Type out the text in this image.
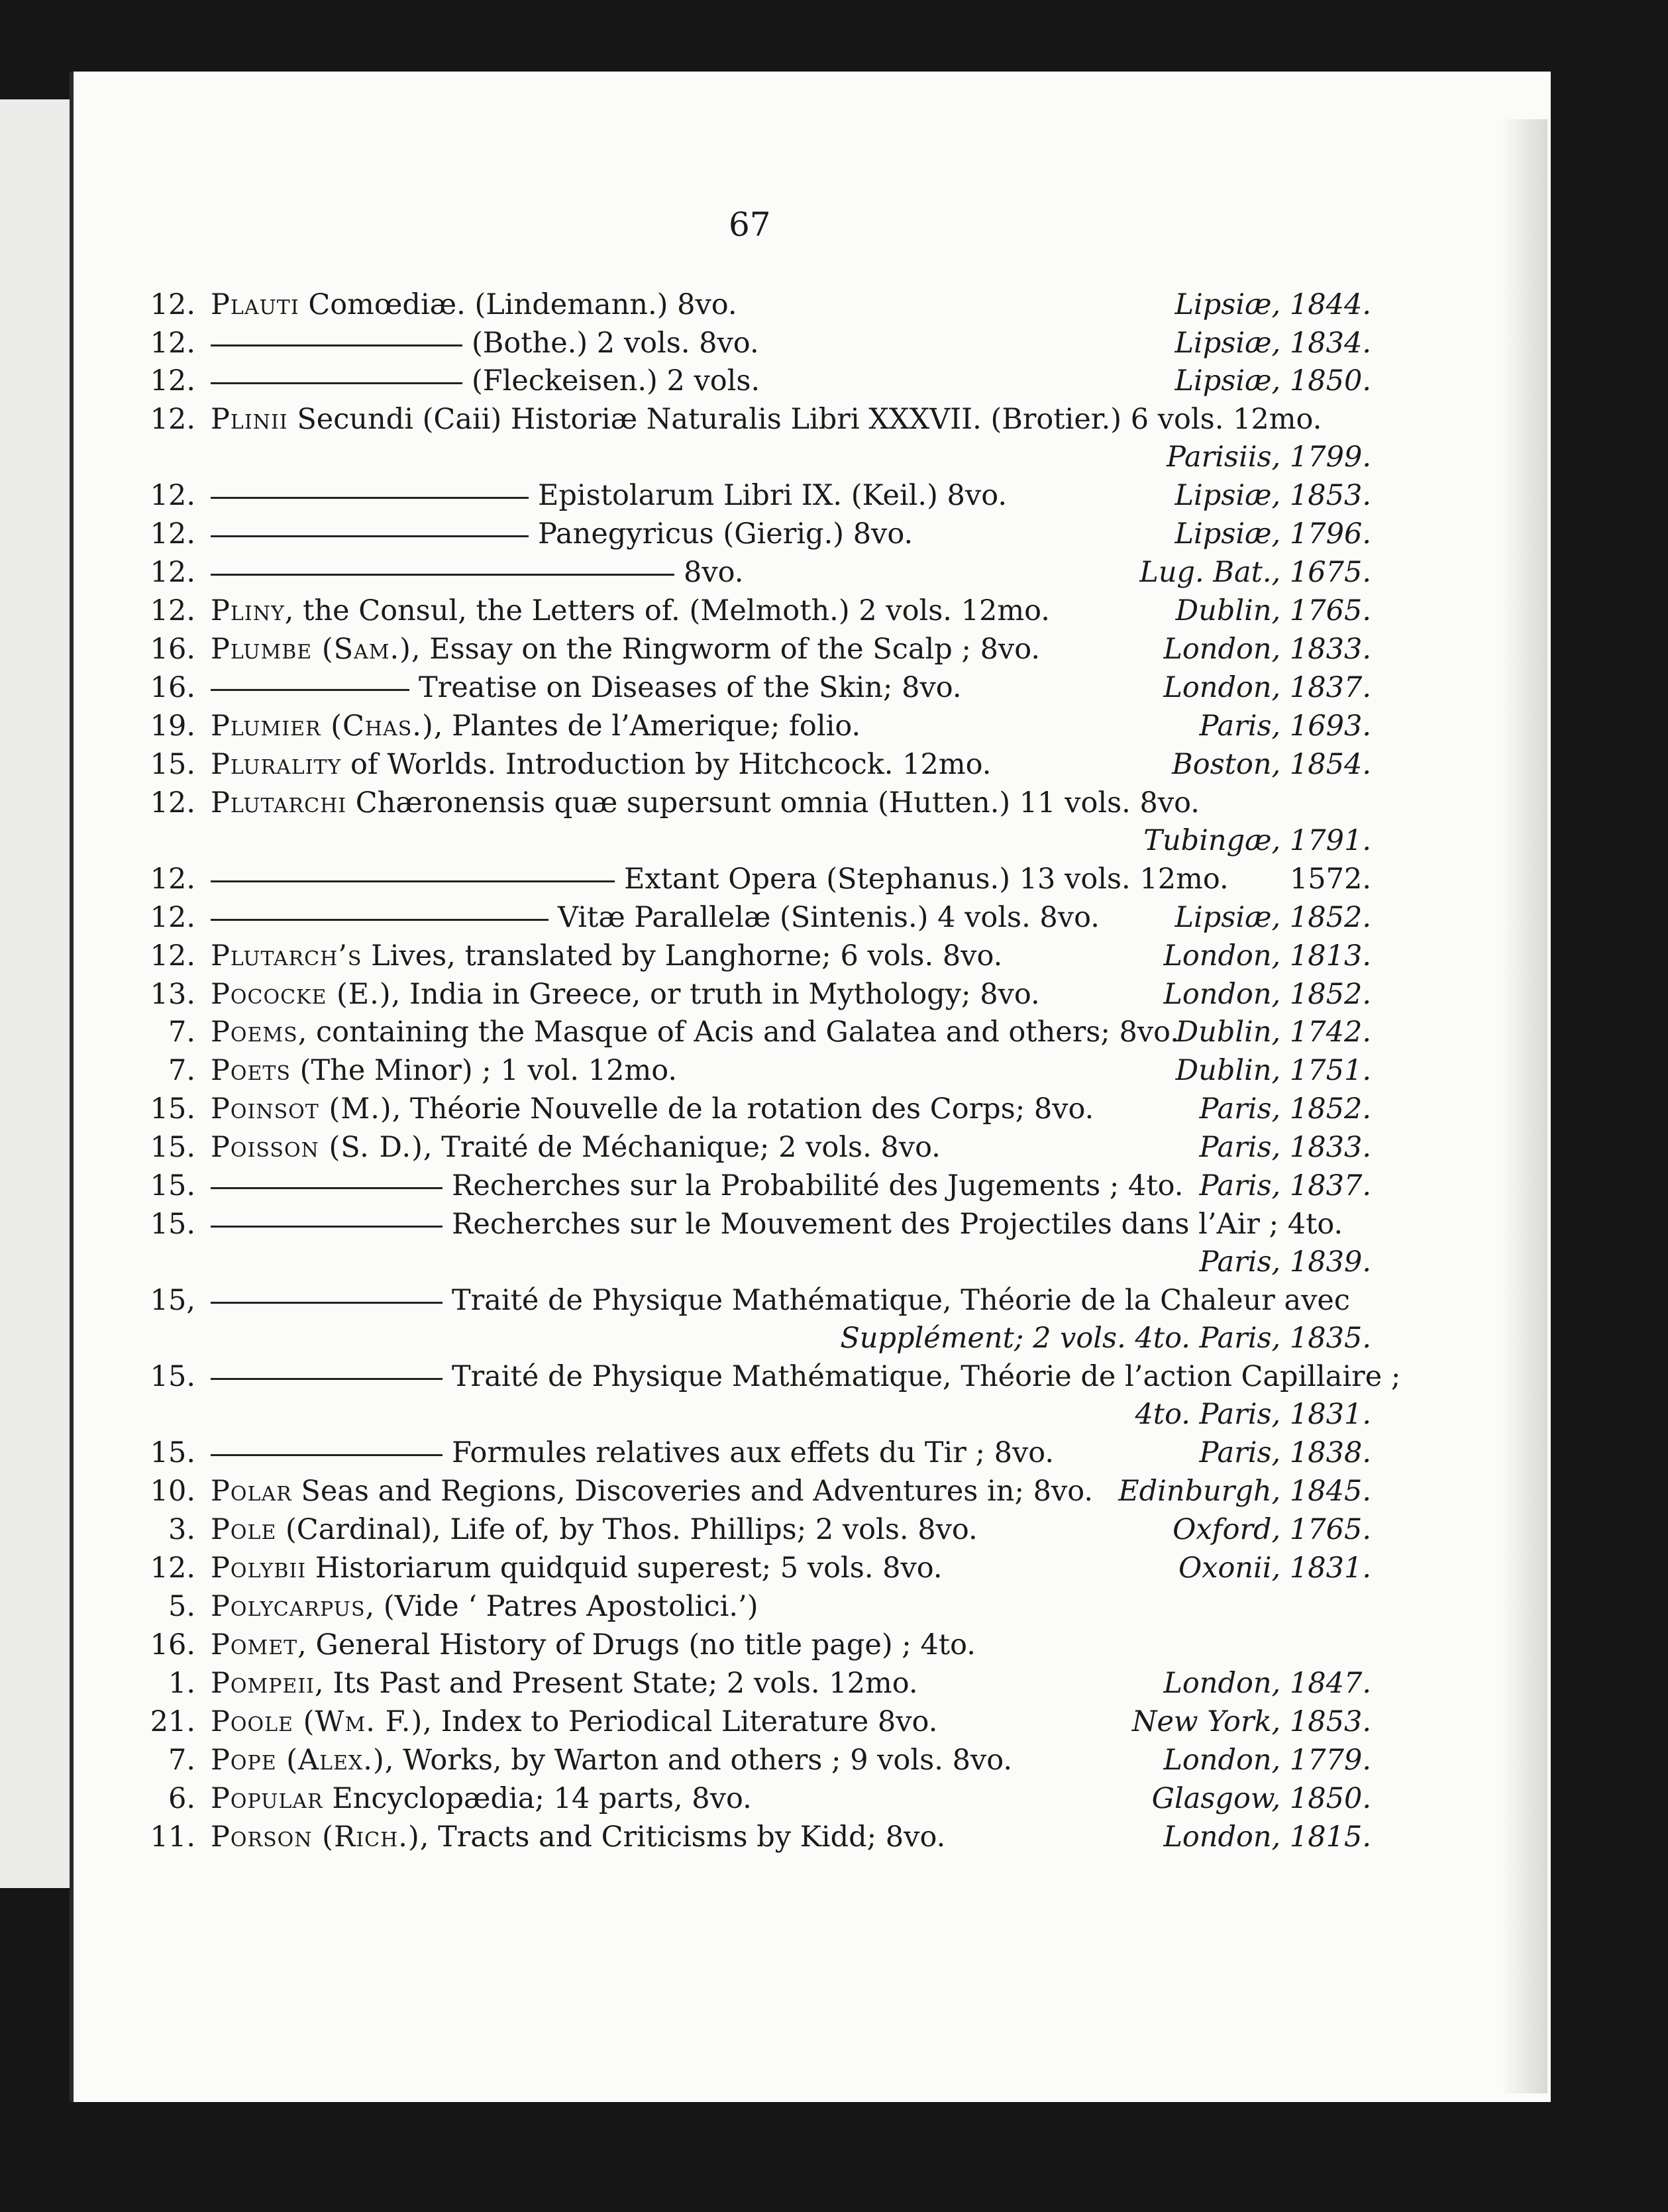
67
12. Plauti Comœdiæ. (Lindemann.) 8vo.	Lipsiæ, 1844.
12.	(Bothe.) 2 vols. 8vo.	Lipsiæ, 1834.
12.	(Fleckeisen.) 2 vols.	Lipsiæ, 1850.
12. Plinii Secundi (Caii) Historiæ Naturalis Libri XXXVII. (Brotier.) 6 vols. 12mo.
Parisiis, 1799.
12.	Epistolarum Libri IX. (Keil.) 8vo.	Lipsiæ, 1853.
12.	Panegyricus (Gierig.) 8vo.	Lipsiæ, 1796.
12.	8vo.	Lug. Bat., 1675.
12. Pliny, the Consul, the Letters of. (Melmoth.) 2 vols. 12mo.	Dublin, 1765.
16. Plumbe (Sam.), Essay on the Ringworm of the Scalp ; 8vo.	London, 1833.
16.	Treatise on Diseases of the Skin; 8vo.	London, 1837.
19. Plumier (Chas.), Plantes de l’Amerique; folio.	Paris, 1693.
15. Plurality of Worlds. Introduction by Hitchcock. 12mo.	Boston, 1854.
12. Plutarchi Chæronensis quæ supersunt omnia (Hutten.) 11 vols. 8vo.
Tubingæ, 1791.
12.	Extant Opera (Stephanus.) 13 vols. 12mo. 1572.
12.	Vitæ Parallelæ (Sintenis.) 4 vols. 8vo.	Lipsiæ, 1852.
12. Plutarch’s Lives, translated by Langhorne; 6 vols. 8vo.	London, 1813.
13. Pococke (E.), India in Greece, or truth in Mythology; 8vo.	London, 1852.
7. Poems, containing the Masque of Acis and Galatea and others; 8vo.
Dublin, 1742.
7. Poets (The Minor) ; 1 vol. 12mo.	Dublin, 1751.
15. Poinsot (M.), Théorie Nouvelle de la rotation des Corps; 8vo.	Paris, 1852.
15. Poisson (S. D.), Traité de Méchanique; 2 vols. 8vo.	Paris, 1833.
15.	Recherches sur la Probabilité des Jugements ; 4to. Paris, 1837.
15.	Recherches sur le Mouvement des Projectiles dans l’Air ; 4to.
Paris, 1839.
15,	Traité de Physique Mathématique, Théorie de la Chaleur avec
Supplément; 2 vols. 4to. Paris, 1835.
15.	Traité de Physique Mathématique, Théorie de l’action Capillaire ;
4to. Paris, 1831.
15.	Formules relatives aux effets du Tir ; 8vo.	Paris, 1838.
10. Polar Seas and Regions, Discoveries and Adventures in; 8vo. Edinburgh, 1845.
3. Pole (Cardinal), Life of, by Thos. Phillips; 2 vols. 8vo.	Oxford, 1765.
12. Polybii Historiarum quidquid superest; 5 vols. 8vo.	Oxonii, 1831.
5. Polycarpus, (Vide ‘ Patres Apostolici.’)
16. Pomet, General History of Drugs (no title page) ; 4to.
1. Pompeii, Its Past and Present State; 2 vols. 12mo.	London, 1847.
21. Poole (Wm. F.), Index to Periodical Literature 8vo.	New York, 1853.
7. Pope (Alex.), Works, by Warton and others ; 9 vols. 8vo.	London, 1779.
6. Popular Encyclopædia; 14 parts, 8vo.	Glasgow, 1850.
11. Porson (Rich.), Tracts and Criticisms by Kidd; 8vo.	London, 1815.
